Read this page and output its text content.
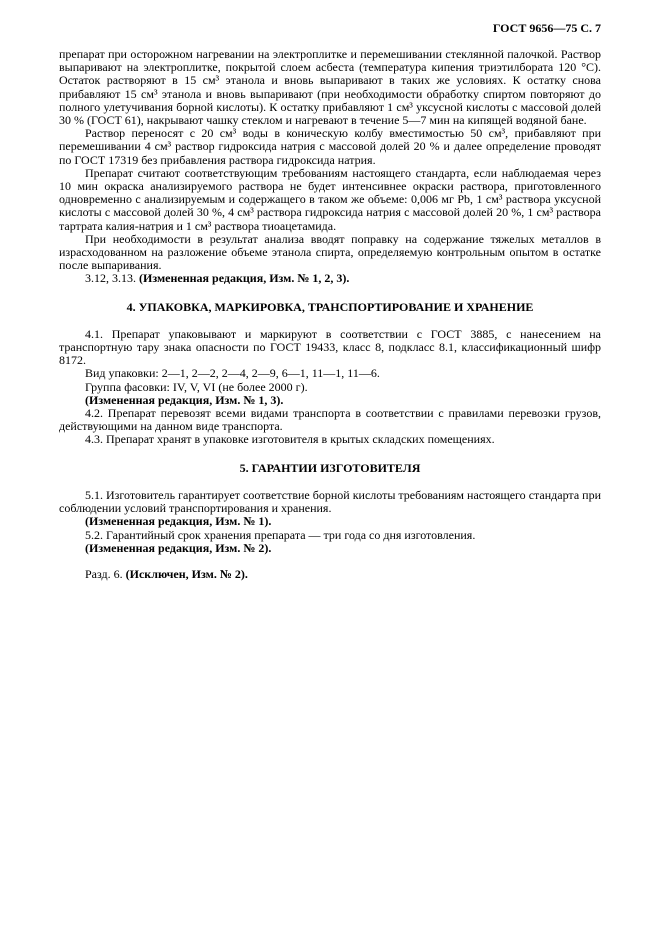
ГОСТ 9656—75 С. 7

препарат при осторожном нагревании на электроплитке и перемешивании стеклянной палочкой. Раствор выпаривают на электроплитке, покрытой слоем асбеста (температура кипения триэтилбората 120 °С). Остаток растворяют в 15 см³ этанола и вновь выпаривают в таких же условиях. К остатку снова прибавляют 15 см³ этанола и вновь выпаривают (при необходимости обработку спиртом повторяют до полного улетучивания борной кислоты). К остатку прибавляют 1 см³ уксусной кислоты с массовой долей 30 % (ГОСТ 61), накрывают чашку стеклом и нагревают в течение 5—7 мин на кипящей водяной бане.

Раствор переносят с 20 см³ воды в коническую колбу вместимостью 50 см³, прибавляют при перемешивании 4 см³ раствор гидроксида натрия с массовой долей 20 % и далее определение проводят по ГОСТ 17319 без прибавления раствора гидроксида натрия.

Препарат считают соответствующим требованиям настоящего стандарта, если наблюдаемая через 10 мин окраска анализируемого раствора не будет интенсивнее окраски раствора, приготовленного одновременно с анализируемым и содержащего в таком же объеме: 0,006 мг Pb, 1 см³ раствора уксусной кислоты с массовой долей 30 %, 4 см³ раствора гидроксида натрия с массовой долей 20 %, 1 см³ раствора тартрата калия-натрия и 1 см³ раствора тиоацетамида.

При необходимости в результат анализа вводят поправку на содержание тяжелых металлов в израсходованном на разложение объеме этанола спирта, определяемую контрольным опытом в остатке после выпаривания.

3.12, 3.13. (Измененная редакция, Изм. № 1, 2, 3).

4. УПАКОВКА, МАРКИРОВКА, ТРАНСПОРТИРОВАНИЕ И ХРАНЕНИЕ

4.1. Препарат упаковывают и маркируют в соответствии с ГОСТ 3885, с нанесением на транспортную тару знака опасности по ГОСТ 19433, класс 8, подкласс 8.1, классификационный шифр 8172.

Вид упаковки: 2—1, 2—2, 2—4, 2—9, 6—1, 11—1, 11—6.

Группа фасовки: IV, V, VI (не более 2000 г).

(Измененная редакция, Изм. № 1, 3).

4.2. Препарат перевозят всеми видами транспорта в соответствии с правилами перевозки грузов, действующими на данном виде транспорта.

4.3. Препарат хранят в упаковке изготовителя в крытых складских помещениях.

5. ГАРАНТИИ ИЗГОТОВИТЕЛЯ

5.1. Изготовитель гарантирует соответствие борной кислоты требованиям настоящего стандарта при соблюдении условий транспортирования и хранения.

(Измененная редакция, Изм. № 1).

5.2. Гарантийный срок хранения препарата — три года со дня изготовления.

(Измененная редакция, Изм. № 2).

Разд. 6. (Исключен, Изм. № 2).
